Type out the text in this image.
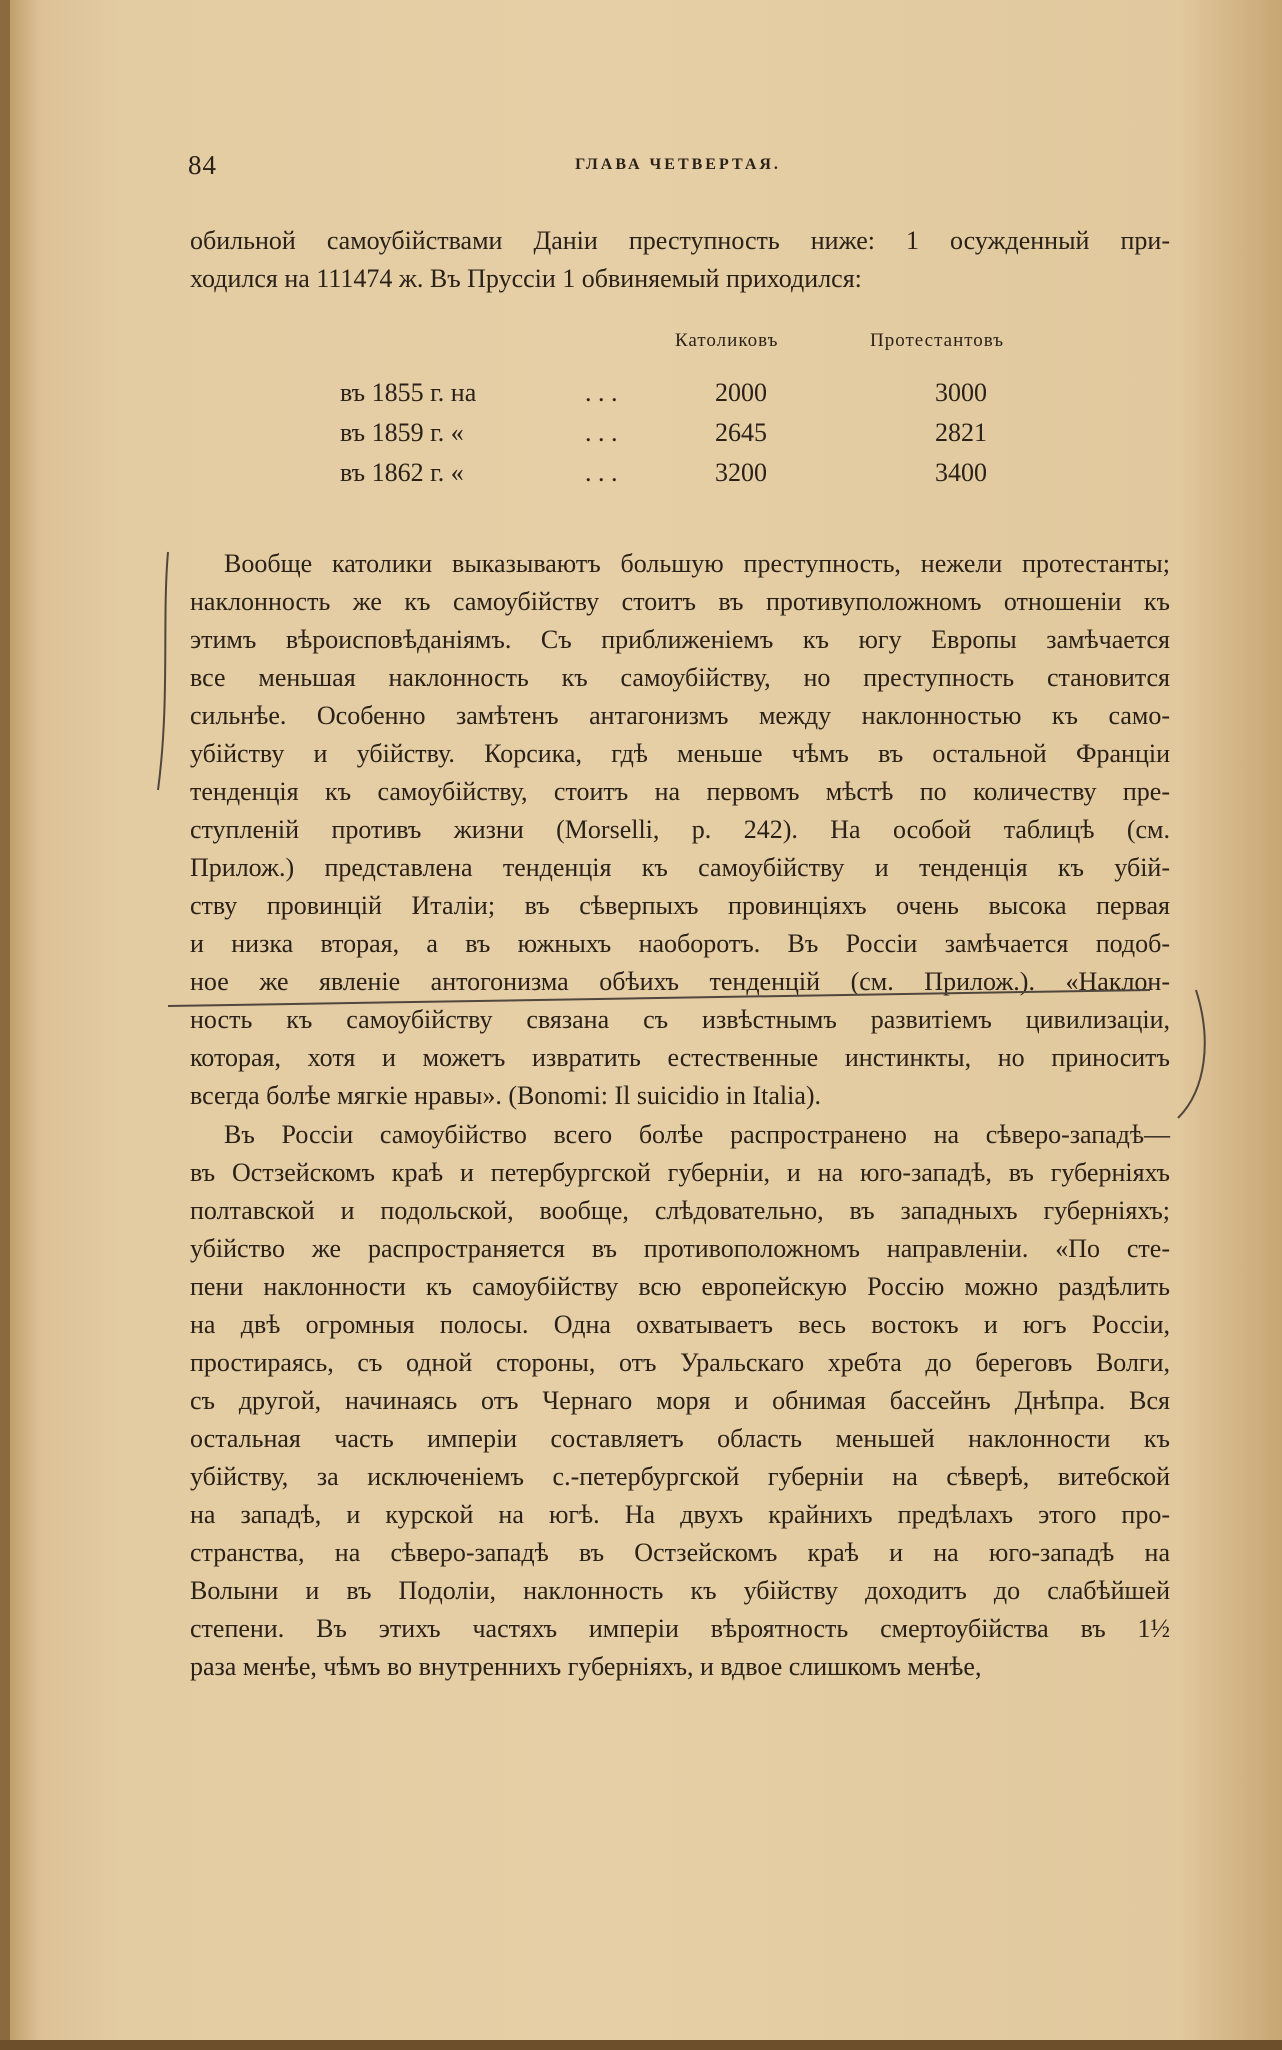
84	ГЛАВА ЧЕТВЕРТАЯ.
обильной самоубійствами Даніи преступность ниже: 1 осужденный при-
ходился на 111474 ж. Въ Пруссіи 1 обвиняемый приходился:
Католиковъ	Протестантовъ
въ 1855 г. на	. . .	2000	3000
въ 1859 г. «	. . .	2645	2821
въ 1862 г. «	. . .	3200	3400
Вообще католики выказываютъ большую преступность, нежели протестанты;
наклонность же къ самоубійству стоитъ въ противуположномъ отношеніи къ
этимъ вѣроисповѣданіямъ. Съ приближеніемъ къ югу Европы замѣчается
все меньшая наклонность къ самоубійству, но преступность становится
сильнѣе. Особенно замѣтенъ антагонизмъ между наклонностью къ само-
убійству и убійству. Корсика, гдѣ меньше чѣмъ въ остальной Франціи
тенденція къ самоубійству, стоитъ на первомъ мѣстѣ по количеству пре-
ступленій противъ жизни (Morselli, p. 242). На особой таблицѣ (см.
Прилож.) представлена тенденція къ самоубійству и тенденція къ убій-
ству провинцій Италіи; въ сѣверпыхъ провинціяхъ очень высока первая
и низка вторая, а въ южныхъ наоборотъ. Въ Россіи замѣчается подоб-
ное же явленіе антогонизма обѣихъ тенденцій (см. Прилож.). «Наклон-
ность къ самоубійству связана съ извѣстнымъ развитіемъ цивилизаціи,
которая, хотя и можетъ извратить естественные инстинкты, но приноситъ
всегда болѣе мягкіе нравы». (Bonomi: Il suicidio in Italia).
Въ Россіи самоубійство всего болѣе распространено на сѣверо-западѣ—
въ Остзейскомъ краѣ и петербургской губерніи, и на юго-западѣ, въ губерніяхъ
полтавской и подольской, вообще, слѣдовательно, въ западныхъ губерніяхъ;
убійство же распространяется въ противоположномъ направленіи. «По сте-
пени наклонности къ самоубійству всю европейскую Россію можно раздѣлить
на двѣ огромныя полосы. Одна охватываетъ весь востокъ и югъ Россіи,
простираясь, съ одной стороны, отъ Уральскаго хребта до береговъ Волги,
съ другой, начинаясь отъ Чернаго моря и обнимая бассейнъ Днѣпра. Вся
остальная часть имперіи составляетъ область меньшей наклонности къ
убійству, за исключеніемъ с.-петербургской губерніи на сѣверѣ, витебской
на западѣ, и курской на югѣ. На двухъ крайнихъ предѣлахъ этого про-
странства, на сѣверо-западѣ въ Остзейскомъ краѣ и на юго-западѣ на
Волыни и въ Подоліи, наклонность къ убійству доходитъ до слабѣйшей
степени. Въ этихъ частяхъ имперіи вѣроятность смертоубійства въ 1½
раза менѣе, чѣмъ во внутреннихъ губерніяхъ, и вдвое слишкомъ менѣе,
